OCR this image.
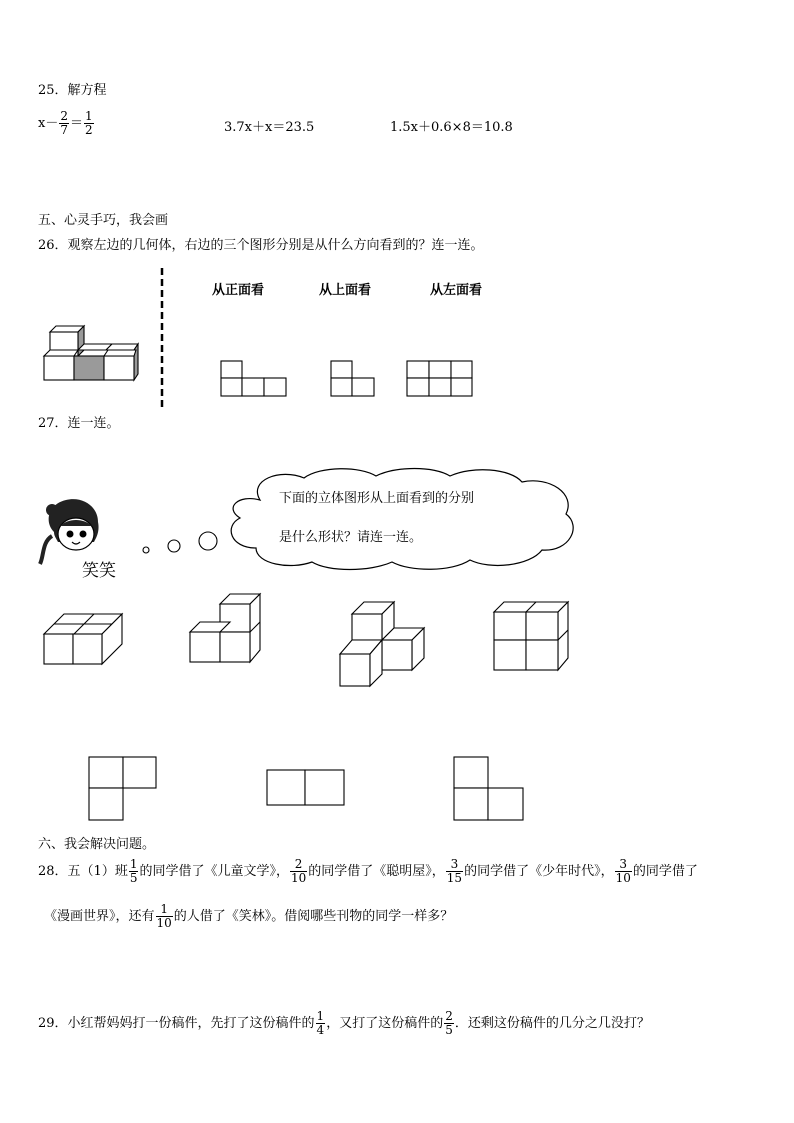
25．解方程
$x- \frac{2}{7} = \frac{1}{2}$	3.7x＋x＝23.5	1.5x＋0.6×8＝10.8
五、心灵手巧，我会画
26．观察左边的几何体，右边的三个图形分别是从什么方向看到的？连一连。
从正面看	从上面看	从左面看
27．连一连。
笑笑
下面的立体图形从上面看到的分别
是什么形状？请连一连。
六、我会解决问题。
28．五（1）班 $\frac{1}{5}$ 的同学借了《儿童文学》， $\frac{2}{10}$ 的同学借了《聪明屋》， $\frac{3}{15}$ 的同学借了《少年时代》， $\frac{3}{10}$ 的同学借了
《漫画世界》，还有 $\frac{1}{10}$ 的人借了《笑林》。借阅哪些刊物的同学一样多？
29．小红帮妈妈打一份稿件，先打了这份稿件的 $\frac{1}{4}$ ，又打了这份稿件的 $\frac{2}{5}$ ．还剩这份稿件的几分之几没打？
